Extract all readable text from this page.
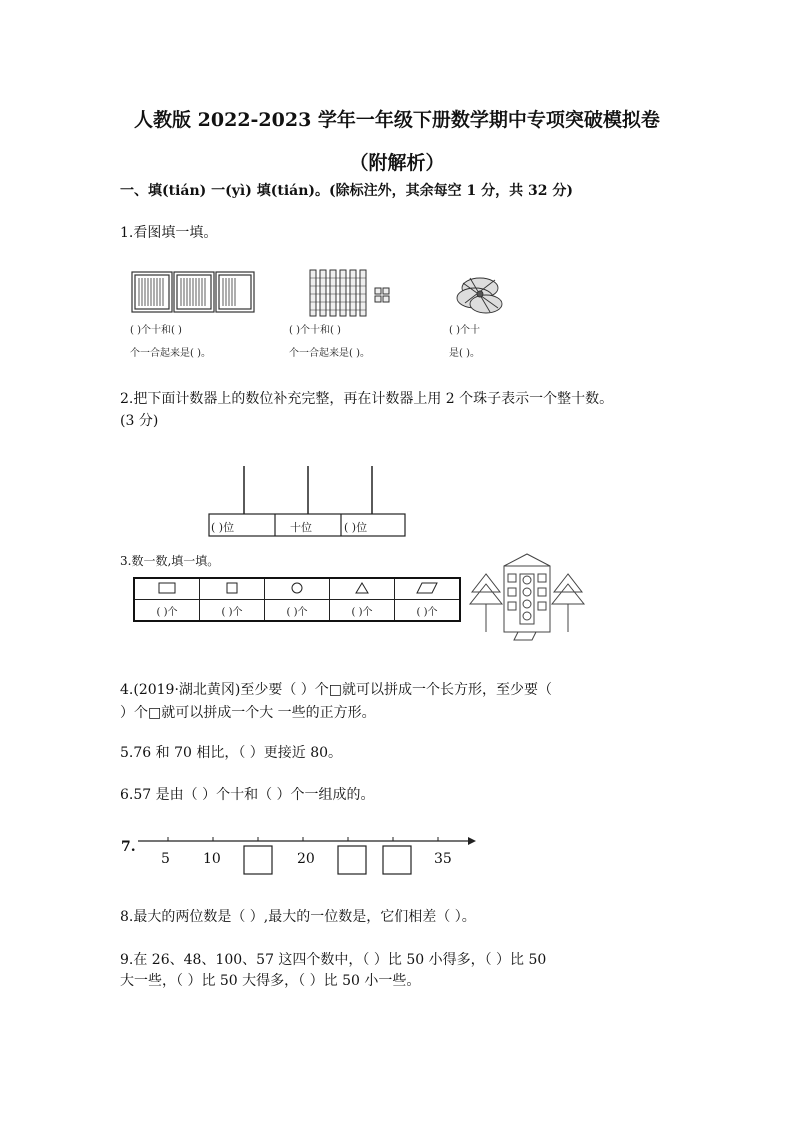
人教版 2022-2023 学年一年级下册数学期中专项突破模拟卷
（附解析）
一、填(tián) 一(yì) 填(tián)。(除标注外，其余每空 1 分，共 32 分)
1.看图填一填。
( )个十和( )
个一合起来是( )。
( )个十和( )
个一合起来是( )。
( )个十
是( )。
2.把下面计数器上的数位补充完整，再在计数器上用 2 个珠子表示一个整十数。
(3 分)
( )位	十位	( )位
3.数一数,填一填。

( )个	( )个	( )个	( )个	( )个
4.(2019·湖北黄冈)至少要（ ）个□就可以拼成一个长方形，至少要（
）个□就可以拼成一个大 一些的正方形。
5.76 和 70 相比，（ ）更接近 80。
6.57 是由（ ）个十和（ ）个一组成的。
7.
5 10	20	35
8.最大的两位数是（ ）,最大的一位数是，它们相差（ ）。
9.在 26、48、100、57 这四个数中，（ ）比 50 小得多，（ ）比 50
大一些，（ ）比 50 大得多，（ ）比 50 小一些。
